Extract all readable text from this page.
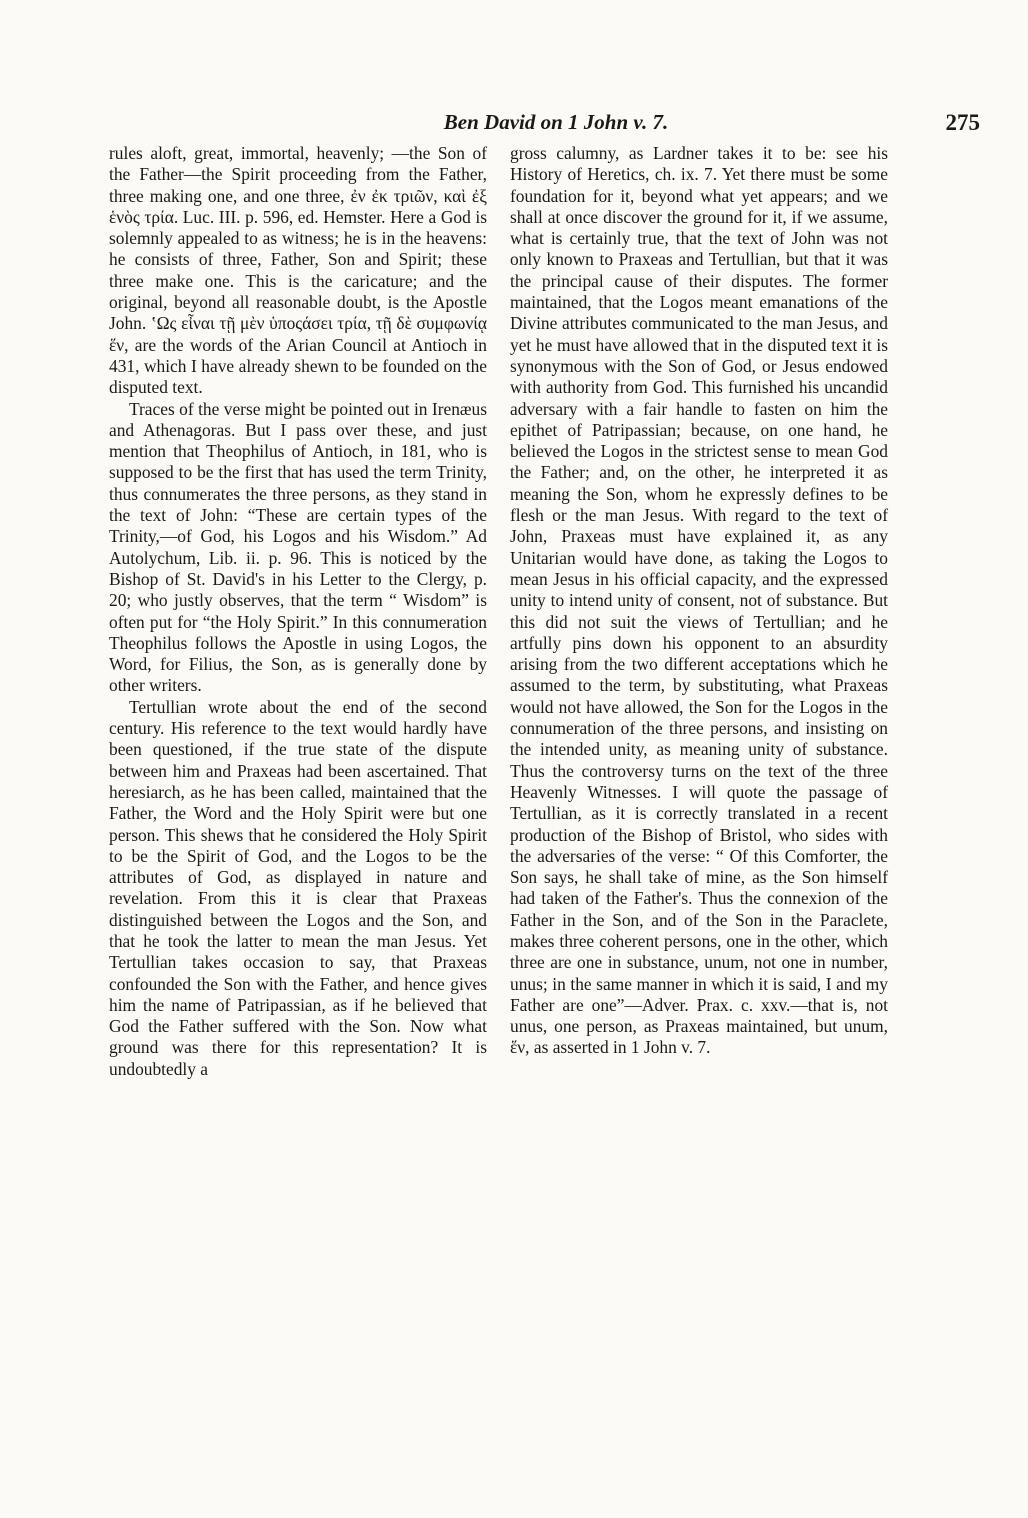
Ben David on 1 John v. 7.	275

rules aloft, great, immortal, heavenly; —the Son of the Father—the Spirit proceeding from the Father, three making one, and one three, ἐν ἐκ τριῶν, καὶ ἐξ ἑνὸς τρία. Luc. III. p. 596, ed. Hemster. Here a God is solemnly appealed to as witness; he is in the heavens: he consists of three, Father, Son and Spirit; these three make one. This is the caricature; and the original, beyond all reasonable doubt, is the Apostle John. ʽΩς εἶναι τῇ μὲν ὑποςάσει τρία, τῇ δὲ συμφωνίᾳ ἕν, are the words of the Arian Council at Antioch in 431, which I have already shewn to be founded on the disputed text.

Traces of the verse might be pointed out in Irenæus and Athenagoras. But I pass over these, and just mention that Theophilus of Antioch, in 181, who is supposed to be the first that has used the term Trinity, thus connumerates the three persons, as they stand in the text of John: “These are certain types of the Trinity,—of God, his Logos and his Wisdom.” Ad Autolychum, Lib. ii. p. 96. This is noticed by the Bishop of St. David's in his Letter to the Clergy, p. 20; who justly observes, that the term “ Wisdom” is often put for “the Holy Spirit.” In this connumeration Theophilus follows the Apostle in using Logos, the Word, for Filius, the Son, as is generally done by other writers.

Tertullian wrote about the end of the second century. His reference to the text would hardly have been questioned, if the true state of the dispute between him and Praxeas had been ascertained. That heresiarch, as he has been called, maintained that the Father, the Word and the Holy Spirit were but one person. This shews that he considered the Holy Spirit to be the Spirit of God, and the Logos to be the attributes of God, as displayed in nature and revelation. From this it is clear that Praxeas distinguished between the Logos and the Son, and that he took the latter to mean the man Jesus. Yet Tertullian takes occasion to say, that Praxeas confounded the Son with the Father, and hence gives him the name of Patripassian, as if he believed that God the Father suffered with the Son. Now what ground was there for this representation? It is undoubtedly a

gross calumny, as Lardner takes it to be: see his History of Heretics, ch. ix. 7. Yet there must be some foundation for it, beyond what yet appears; and we shall at once discover the ground for it, if we assume, what is certainly true, that the text of John was not only known to Praxeas and Tertullian, but that it was the principal cause of their disputes. The former maintained, that the Logos meant emanations of the Divine attributes communicated to the man Jesus, and yet he must have allowed that in the disputed text it is synonymous with the Son of God, or Jesus endowed with authority from God. This furnished his uncandid adversary with a fair handle to fasten on him the epithet of Patripassian; because, on one hand, he believed the Logos in the strictest sense to mean God the Father; and, on the other, he interpreted it as meaning the Son, whom he expressly defines to be flesh or the man Jesus. With regard to the text of John, Praxeas must have explained it, as any Unitarian would have done, as taking the Logos to mean Jesus in his official capacity, and the expressed unity to intend unity of consent, not of substance. But this did not suit the views of Tertullian; and he artfully pins down his opponent to an absurdity arising from the two different acceptations which he assumed to the term, by substituting, what Praxeas would not have allowed, the Son for the Logos in the connumeration of the three persons, and insisting on the intended unity, as meaning unity of substance. Thus the controversy turns on the text of the three Heavenly Witnesses. I will quote the passage of Tertullian, as it is correctly translated in a recent production of the Bishop of Bristol, who sides with the adversaries of the verse: “ Of this Comforter, the Son says, he shall take of mine, as the Son himself had taken of the Father's. Thus the connexion of the Father in the Son, and of the Son in the Paraclete, makes three coherent persons, one in the other, which three are one in substance, unum, not one in number, unus; in the same manner in which it is said, I and my Father are one”—Adver. Prax. c. xxv.—that is, not unus, one person, as Praxeas maintained, but unum, ἕν, as asserted in 1 John v. 7.
